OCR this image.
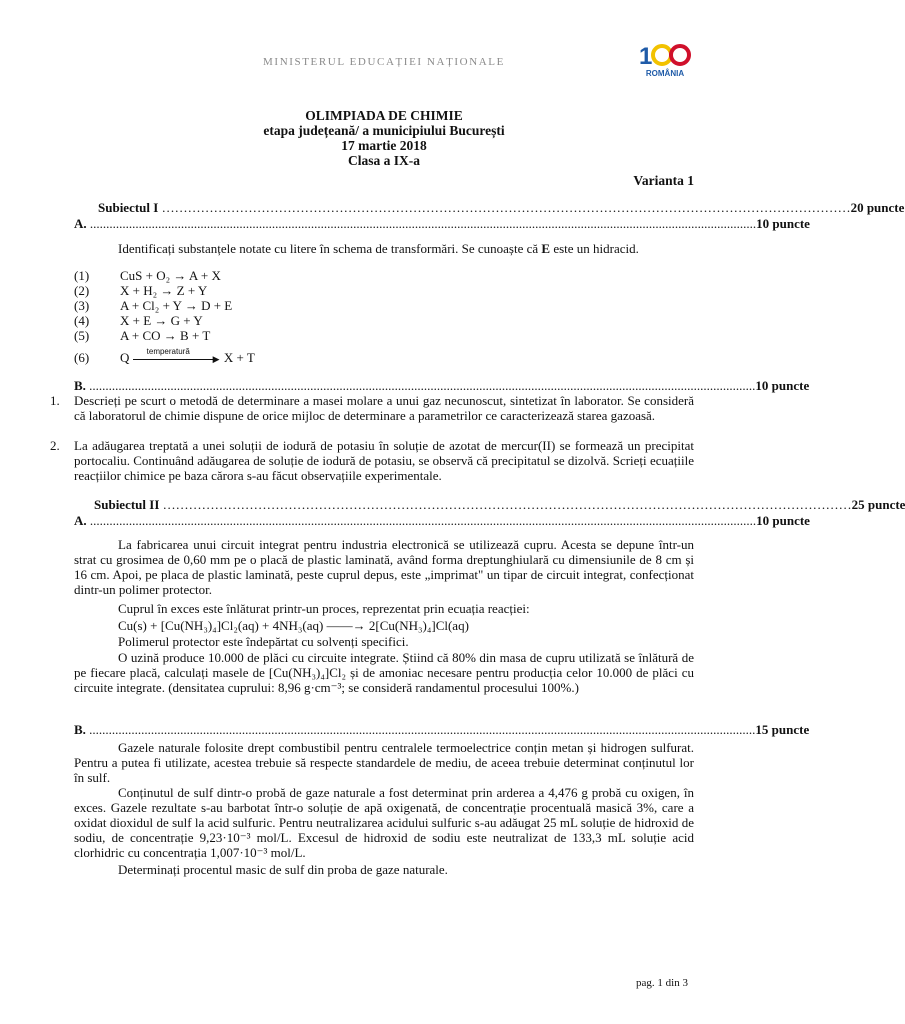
MINISTERUL EDUCAȚIEI NAȚIONALE	1
ROMÂNIA
OLIMPIADA DE CHIMIE
etapa județeană/ a municipiului București
17 martie 2018
Clasa a IX-a
Varianta 1
Subiectul I …………………………………………………………………………………………………………………………………………… 20 puncte
A. ............................................................................................................................................................................................................. 10 puncte
Identificați substanțele notate cu litere în schema de transformări. Se cunoaște că E este un hidracid.
(1) CuS + O₂ → A + X
(2) X + H₂ → Z + Y
(3) A + Cl₂ + Y → D + E
(4) X + E → G + Y
(5) A + CO → B + T
(6) Q temperatură
▶ X + T
B. ............................................................................................................................................................................................................. 10 puncte
1. Descrieți pe scurt o metodă de determinare a masei molare a unui gaz necunoscut, sintetizat în laborator. Se consideră că laboratorul de chimie dispune de orice mijloc de determinare a parametrilor ce caracterizează starea gazoasă.
2. La adăugarea treptată a unei soluții de iodură de potasiu în soluție de azotat de mercur(II) se formează un precipitat portocaliu. Continuând adăugarea de soluție de iodură de potasiu, se observă că precipitatul se dizolvă. Scrieți ecuațiile reacțiilor chimice pe baza cărora s-au făcut observațiile experimentale.
Subiectul II …………………………………………………………………………………………………………………………………………… 25 puncte
A. ............................................................................................................................................................................................................. 10 puncte
La fabricarea unui circuit integrat pentru industria electronică se utilizează cupru. Acesta se depune într-un strat cu grosimea de 0,60 mm pe o placă de plastic laminată, având forma dreptunghiulară cu dimensiunile de 8 cm și 16 cm. Apoi, pe placa de plastic laminată, peste cuprul depus, este „imprimat" un tipar de circuit integrat, confecționat dintr-un polimer protector.
Cuprul în exces este înlăturat printr-un proces, reprezentat prin ecuația reacției:
Cu(s) + [Cu(NH₃)₄]Cl₂(aq) + 4NH₃(aq) ——→ 2[Cu(NH₃)₄]Cl(aq)
Polimerul protector este îndepărtat cu solvenți specifici.
O uzină produce 10.000 de plăci cu circuite integrate. Știind că 80% din masa de cupru utilizată se înlătură de pe fiecare placă, calculați masele de [Cu(NH₃)₄]Cl₂ și de amoniac necesare pentru producția celor 10.000 de plăci cu circuite integrate. (densitatea cuprului: 8,96 g·cm⁻³; se consideră randamentul procesului 100%.)
B. ............................................................................................................................................................................................................. 15 puncte
Gazele naturale folosite drept combustibil pentru centralele termoelectrice conțin metan și hidrogen sulfurat. Pentru a putea fi utilizate, acestea trebuie să respecte standardele de mediu, de aceea trebuie determinat conținutul lor în sulf.
Conținutul de sulf dintr-o probă de gaze naturale a fost determinat prin arderea a 4,476 g probă cu oxigen, în exces. Gazele rezultate s-au barbotat într-o soluție de apă oxigenată, de concentrație procentuală masică 3%, care a oxidat dioxidul de sulf la acid sulfuric. Pentru neutralizarea acidului sulfuric s-au adăugat 25 mL soluție de hidroxid de sodiu, de concentrație 9,23·10⁻³ mol/L. Excesul de hidroxid de sodiu este neutralizat de 133,3 mL soluție acid clorhidric cu concentrația 1,007·10⁻³ mol/L.
Determinați procentul masic de sulf din proba de gaze naturale.
pag. 1 din 3
